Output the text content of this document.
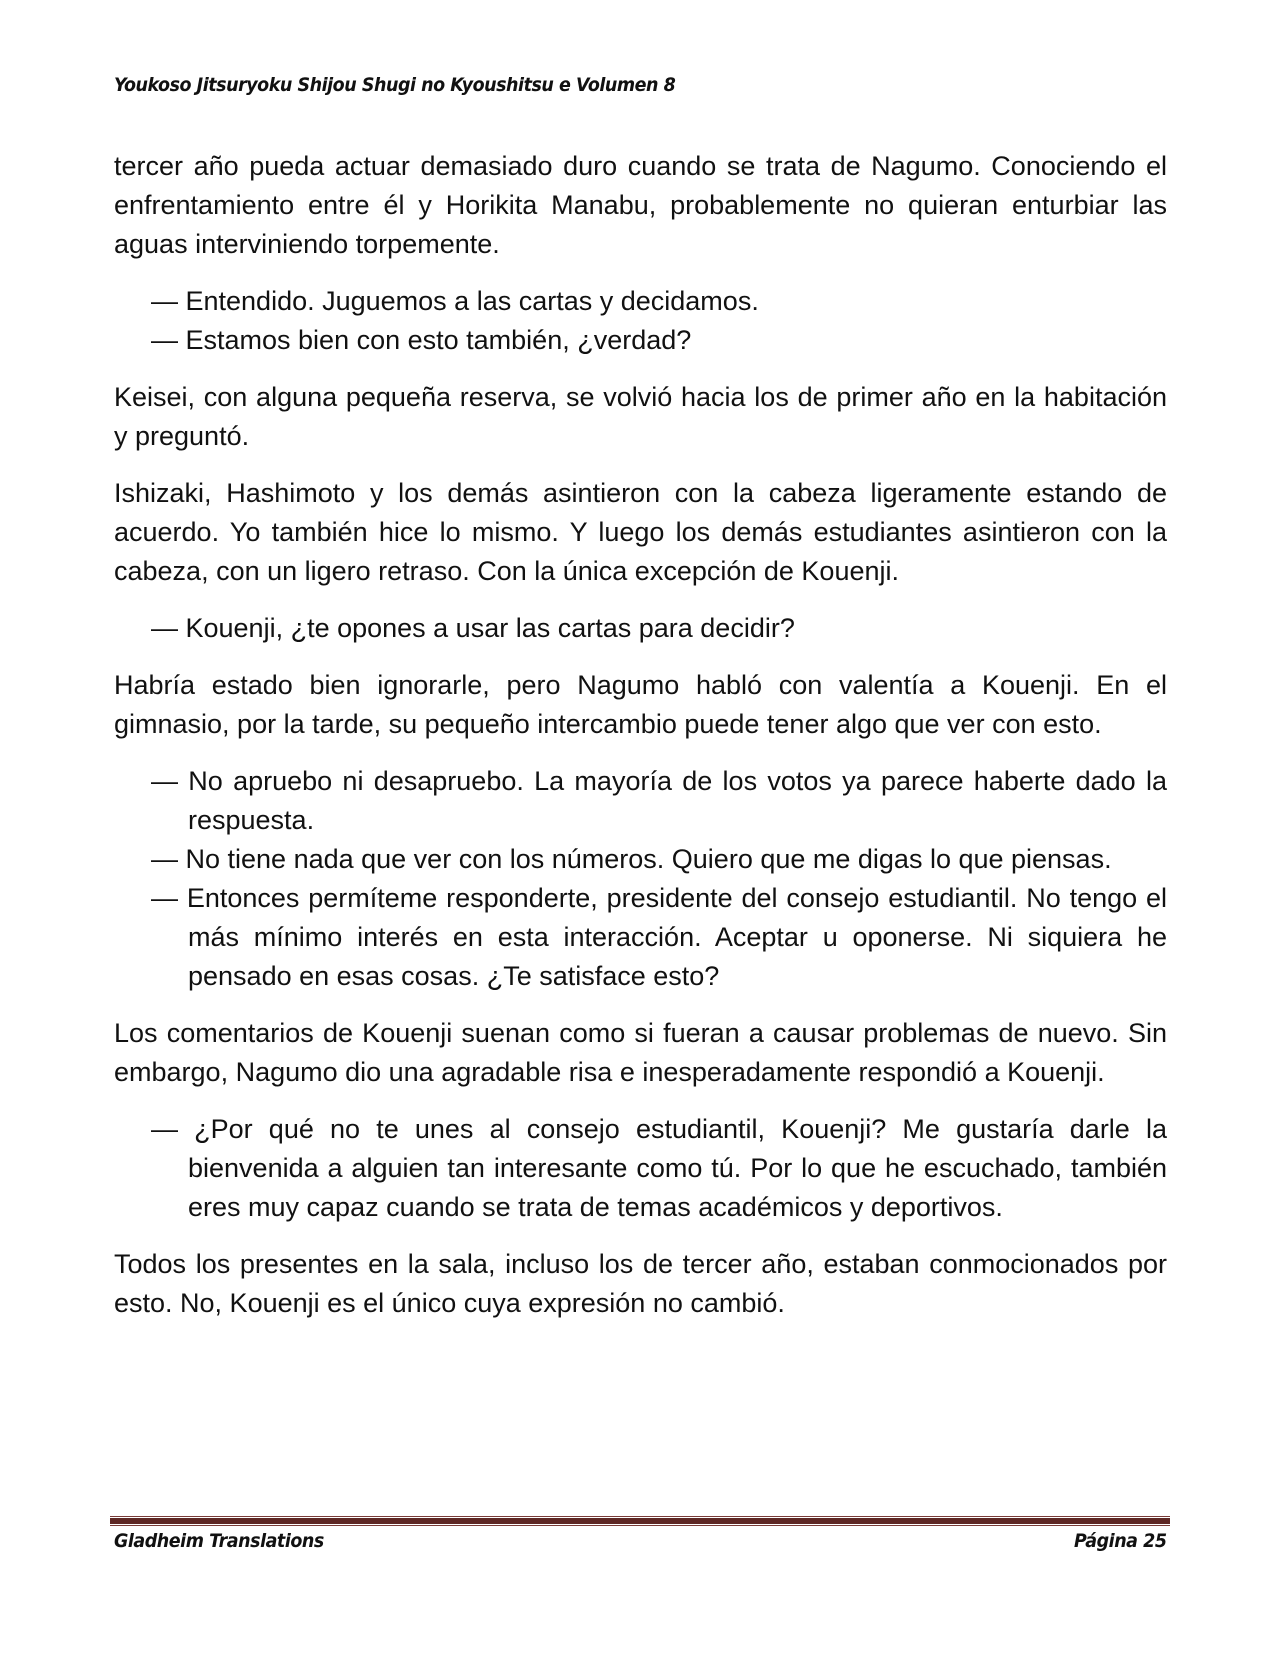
Youkoso Jitsuryoku Shijou Shugi no Kyoushitsu e Volumen 8

tercer año pueda actuar demasiado duro cuando se trata de Nagumo. Conociendo el enfrentamiento entre él y Horikita Manabu, probablemente no quieran enturbiar las aguas interviniendo torpemente.

— Entendido. Juguemos a las cartas y decidamos.

— Estamos bien con esto también, ¿verdad?

Keisei, con alguna pequeña reserva, se volvió hacia los de primer año en la habitación y preguntó.

Ishizaki, Hashimoto y los demás asintieron con la cabeza ligeramente estando de acuerdo. Yo también hice lo mismo. Y luego los demás estudiantes asintieron con la cabeza, con un ligero retraso. Con la única excepción de Kouenji.

— Kouenji, ¿te opones a usar las cartas para decidir?

Habría estado bien ignorarle, pero Nagumo habló con valentía a Kouenji. En el gimnasio, por la tarde, su pequeño intercambio puede tener algo que ver con esto.

— No apruebo ni desapruebo. La mayoría de los votos ya parece haberte dado la respuesta.

— No tiene nada que ver con los números. Quiero que me digas lo que piensas.

— Entonces permíteme responderte, presidente del consejo estudiantil. No tengo el más mínimo interés en esta interacción. Aceptar u oponerse. Ni siquiera he pensado en esas cosas. ¿Te satisface esto?

Los comentarios de Kouenji suenan como si fueran a causar problemas de nuevo. Sin embargo, Nagumo dio una agradable risa e inesperadamente respondió a Kouenji.

— ¿Por qué no te unes al consejo estudiantil, Kouenji? Me gustaría darle la bienvenida a alguien tan interesante como tú. Por lo que he escuchado, también eres muy capaz cuando se trata de temas académicos y deportivos.

Todos los presentes en la sala, incluso los de tercer año, estaban conmocionados por esto. No, Kouenji es el único cuya expresión no cambió.

Gladheim Translations	Página 25
